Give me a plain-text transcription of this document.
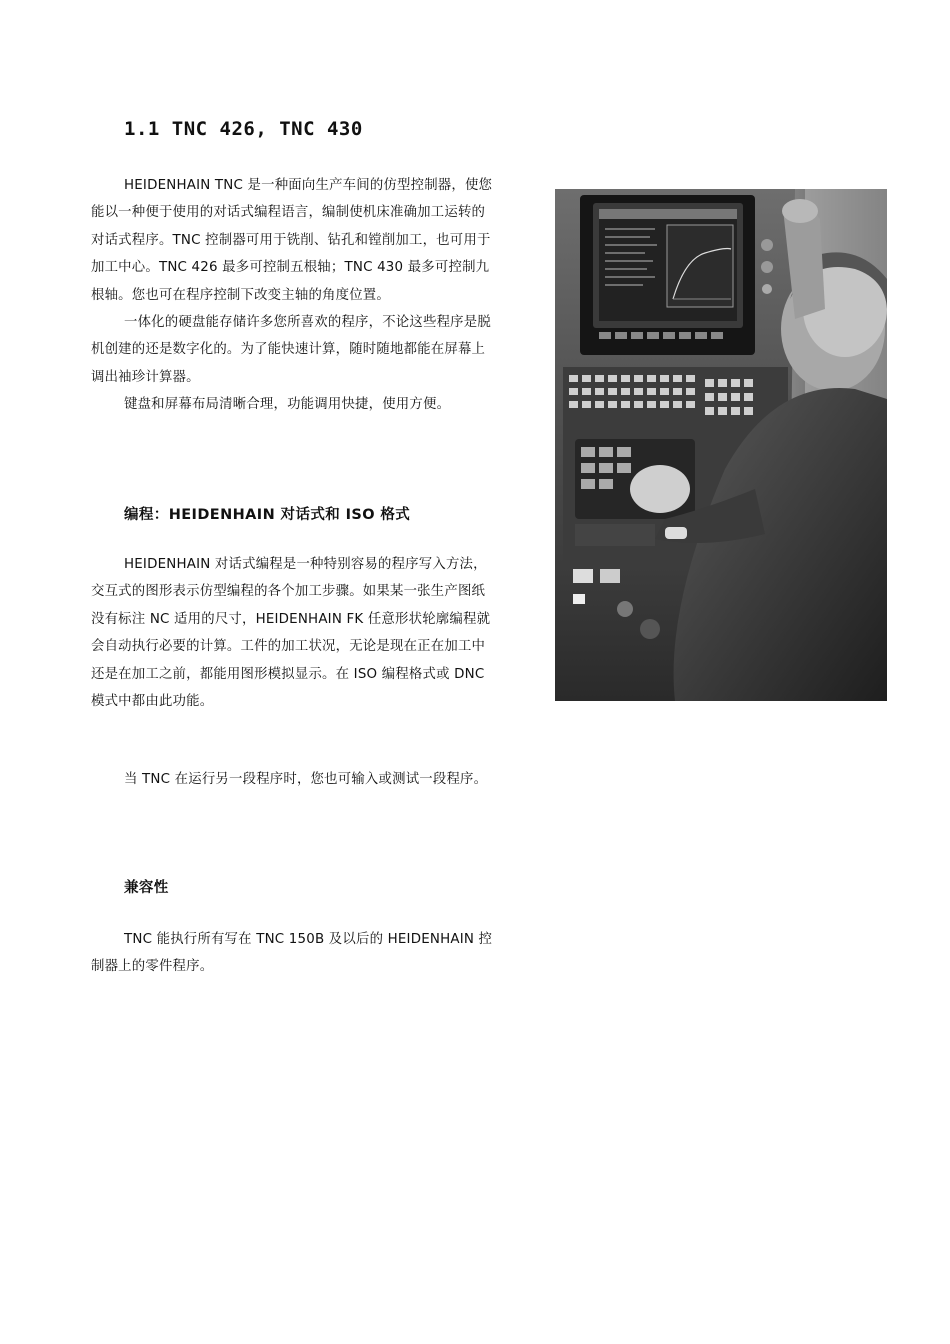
1.1 TNC 426, TNC 430

HEIDENHAIN TNC 是一种面向生产车间的仿型控制器，使您能以一种便于使用的对话式编程语言，编制使机床准确加工运转的对话式程序。TNC 控制器可用于铣削、钻孔和镗削加工，也可用于加工中心。TNC 426 最多可控制五根轴；TNC 430 最多可控制九根轴。您也可在程序控制下改变主轴的角度位置。

一体化的硬盘能存储许多您所喜欢的程序，不论这些程序是脱机创建的还是数字化的。为了能快速计算，随时随地都能在屏幕上调出袖珍计算器。

键盘和屏幕布局清晰合理，功能调用快捷，使用方便。

编程：HEIDENHAIN 对话式和 ISO 格式

HEIDENHAIN 对话式编程是一种特别容易的程序写入方法，交互式的图形表示仿型编程的各个加工步骤。如果某一张生产图纸没有标注 NC 适用的尺寸，HEIDENHAIN FK 任意形状轮廓编程就会自动执行必要的计算。工件的加工状况，无论是现在正在加工中还是在加工之前，都能用图形模拟显示。在 ISO 编程格式或 DNC 模式中都由此功能。

当 TNC 在运行另一段程序时，您也可输入或测试一段程序。

兼容性

TNC 能执行所有写在 TNC 150B 及以后的 HEIDENHAIN 控制器上的零件程序。
